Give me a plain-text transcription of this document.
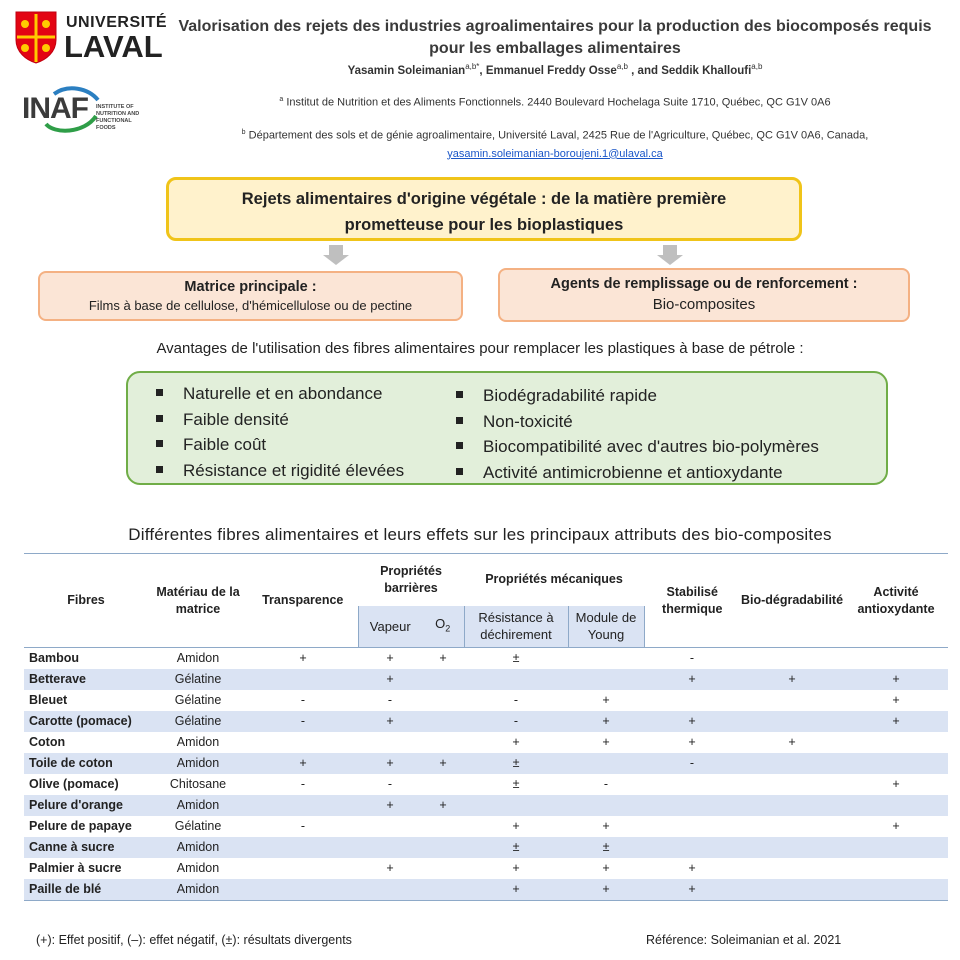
UNIVERSITÉ
LAVAL
INAF INSTITUTE OF NUTRITION AND FUNCTIONAL FOODS
Valorisation des rejets des industries agroalimentaires pour la production des biocomposés requis
pour les emballages alimentaires
Yasamin Soleimanian$^{a,b*}$, Emmanuel Freddy Osse$^{a,b}$ , and Seddik Khalloufi$^{a,b}$
$^a$ Institut de Nutrition et des Aliments Fonctionnels. 2440 Boulevard Hochelaga Suite 1710, Québec, QC G1V 0A6
$^b$ Département des sols et de génie agroalimentaire, Université Laval, 2425 Rue de l'Agriculture, Québec, QC G1V 0A6, Canada,
yasamin.soleimanian-boroujeni.1@ulaval.ca
Rejets alimentaires d'origine végétale : de la matière première
prometteuse pour les bioplastiques
Matrice principale :
Films à base de cellulose, d'hémicellulose ou de pectine
Agents de remplissage ou de renforcement :
Bio-composites
Avantages de l'utilisation des fibres alimentaires pour remplacer les plastiques à base de pétrole :
Naturelle et en abondance
Faible densité
Faible coût
Résistance et rigidité élevées
Biodégradabilité rapide
Non-toxicité
Biocompatibilité avec d'autres bio-polymères
Activité antimicrobienne et antioxydante
Différentes fibres alimentaires et leurs effets sur les principaux attributs des bio-composites
Fibres	Matériau de la matrice	Transparence	Propriétés barrières		Propriétés mécaniques		Stabilisé thermique	Bio-dégradabilité	Activité antioxydante
			Vapeur	$O_2$	Résistance à déchirement	Module de Young			
Bambou	Amidon	+	+	+	±		-		
Betterave	Gélatine		+				+	+	+
Bleuet	Gélatine	-	-		-	+			+
Carotte (pomace)	Gélatine	-	+		-	+	+		+
Coton	Amidon				+	+	+	+	
Toile de coton	Amidon	+	+	+	±		-		
Olive (pomace)	Chitosane	-	-		±	-			+
Pelure d'orange	Amidon		+	+					
Pelure de papaye	Gélatine	-			+	+			+
Canne à sucre	Amidon				±	±			
Palmier à sucre	Amidon		+		+	+	+		
Paille de blé	Amidon				+	+	+		
(+): Effet positif, (–): effet négatif, (±): résultats divergents	Référence: Soleimanian et al. 2021
